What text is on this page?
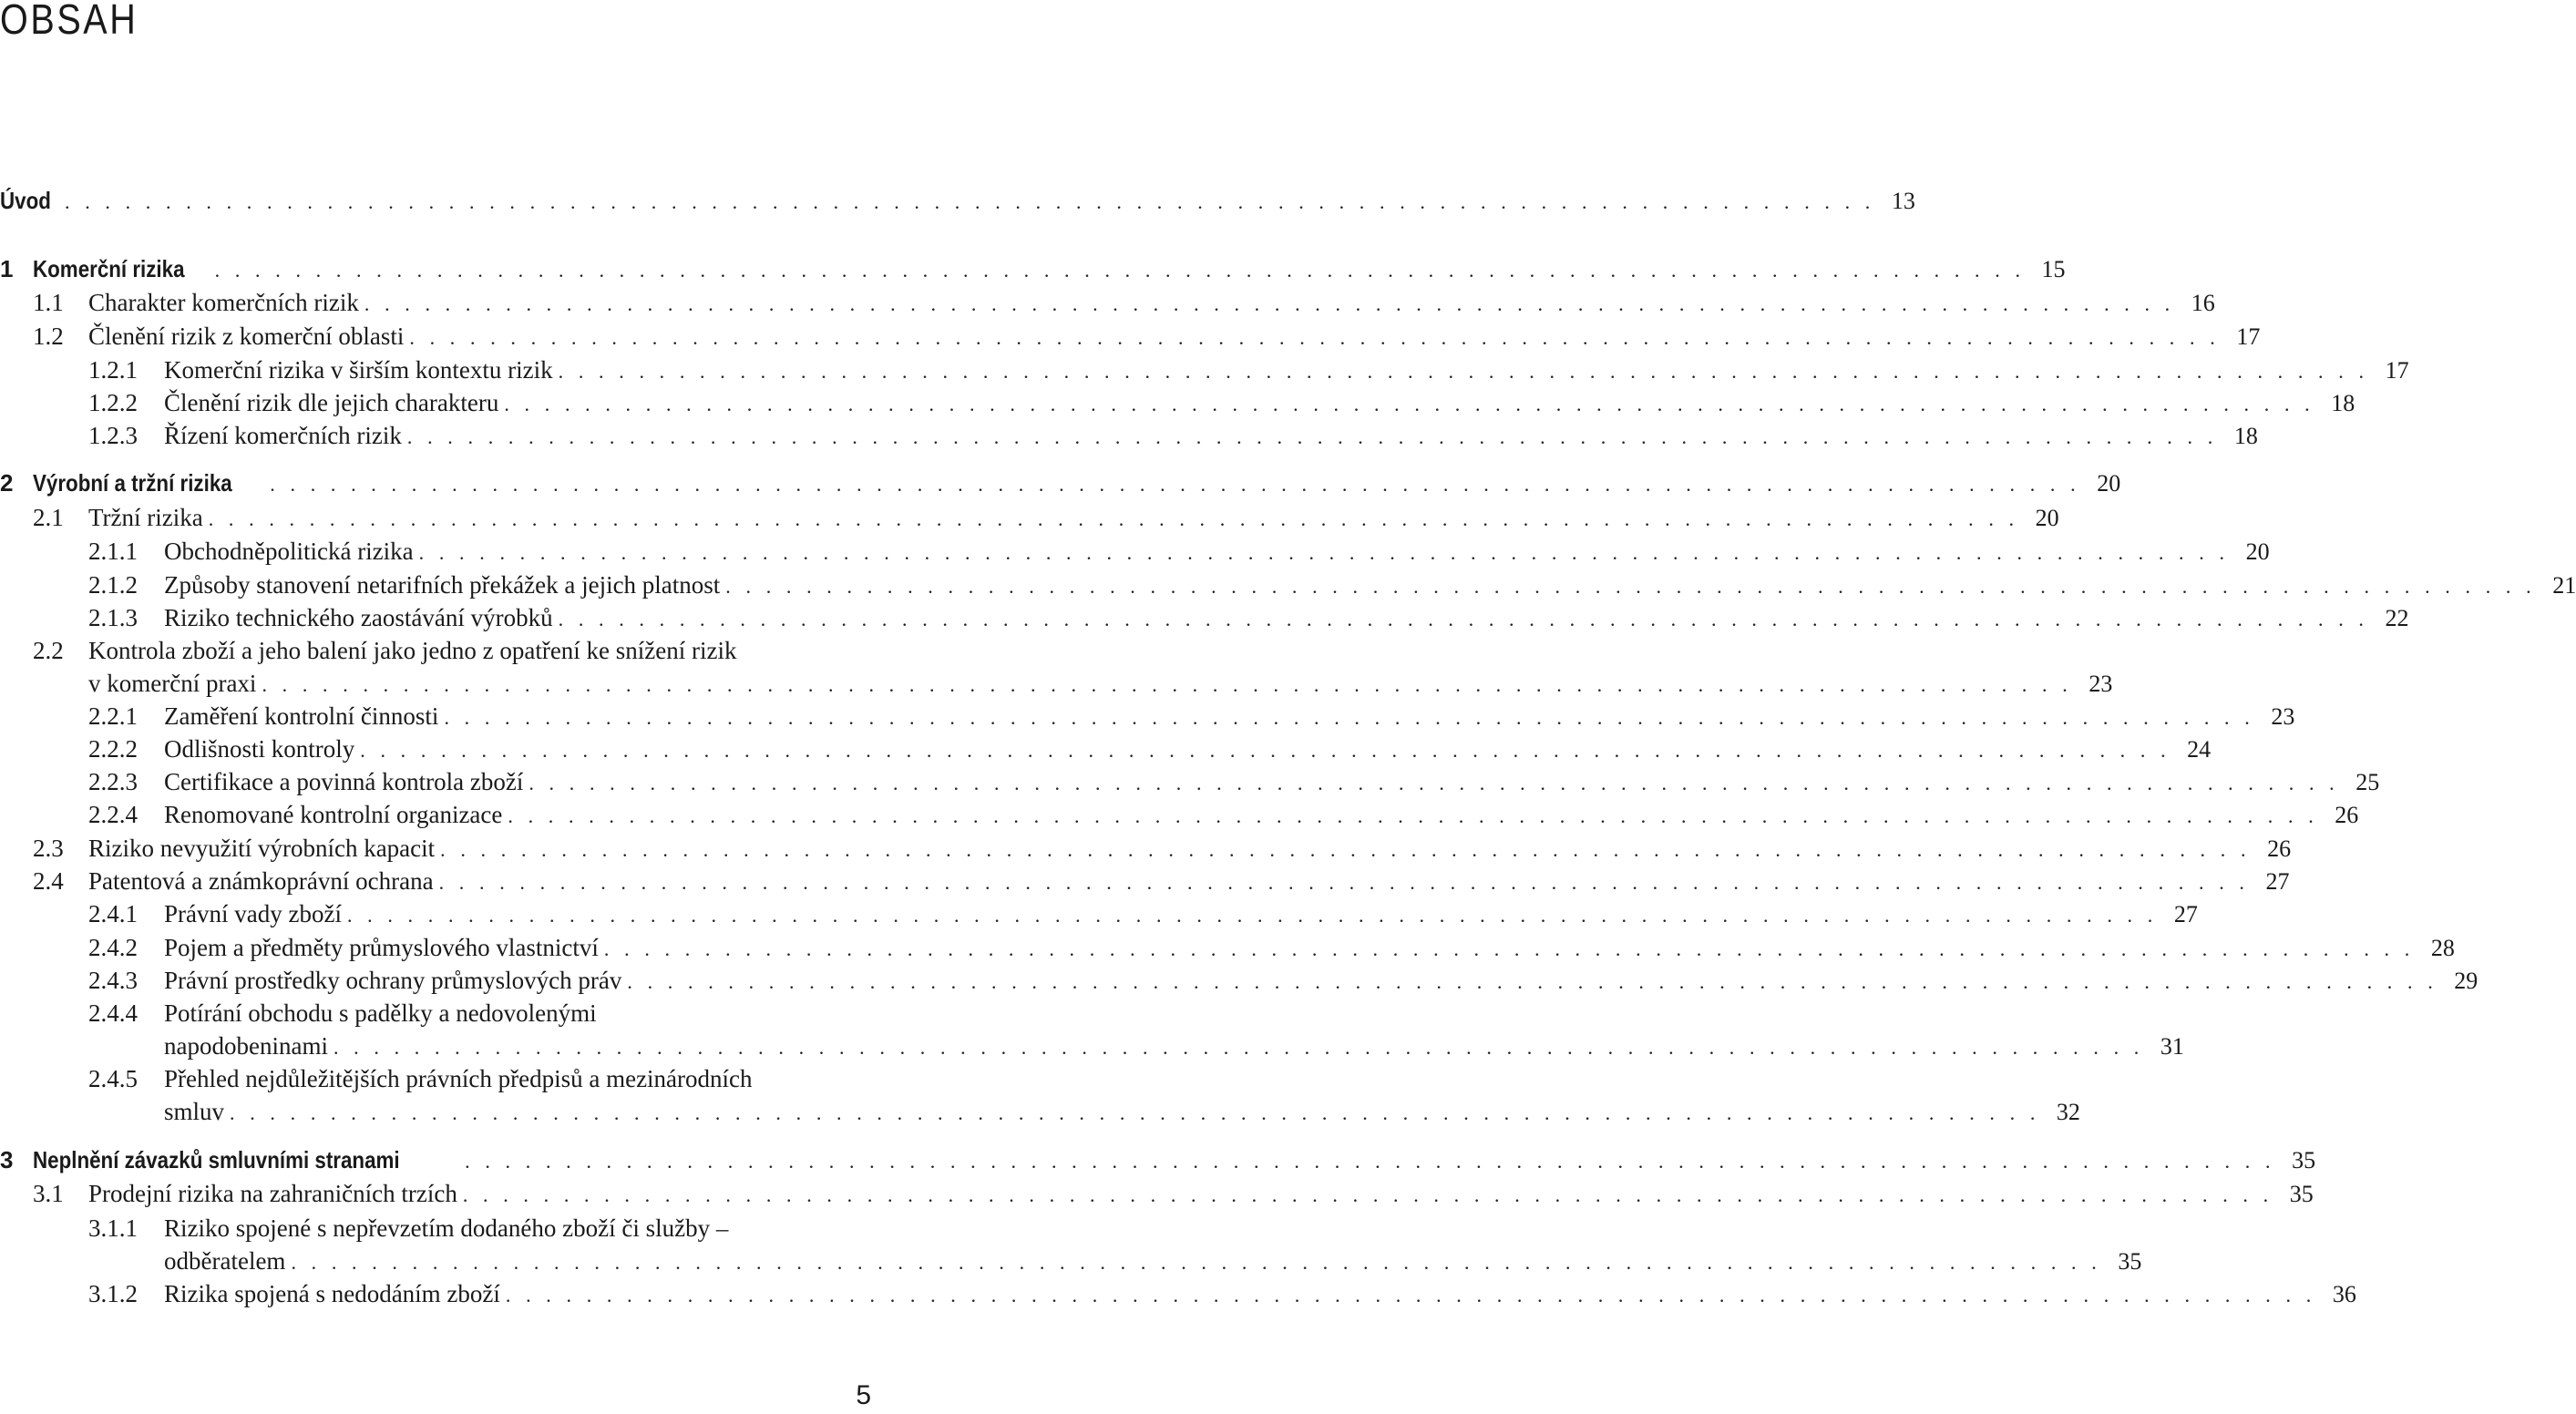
OBSAH
Úvod . . . . . . . . . . . . . . . . . . . . . . . . . . . . . . . . . . . . . . . . . . . . . . . . . . . . . . . . . . . . . . . . . . . . . . . . . . . . . . . . . . . . . . . . . . 13
1 Komerční rizika . . . . . . . . . . . . . . . . . . . . . . . . . . . . . . . . . . . . . . . . . . . . . . . . . . . . . . . . . . . . . . . . . . . . . . . . . . . . . . . . . . . . . . . . . . 15
1.1 Charakter komerčních rizik . . . . . . . . . . . . . . . . . . . . . . . . . . . . . . . . . . . . . . . . . . . . . . . . . . . . . . . . . . . . . . . . . . . . . . . . . . . . . . . . . . . . . . . . . . 16
1.2 Členění rizik z komerční oblasti . . . . . . . . . . . . . . . . . . . . . . . . . . . . . . . . . . . . . . . . . . . . . . . . . . . . . . . . . . . . . . . . . . . . . . . . . . . . . . . . . . . . . . . . . . 17
1.2.1 Komerční rizika v širším kontextu rizik . . . . . . . . . . . . . . . . . . . . . . . . . . . . . . . . . . . . . . . . . . . . . . . . . . . . . . . . . . . . . . . . . . . . . . . . . . . . . . . . . . . . . . . . . . 17
1.2.2 Členění rizik dle jejich charakteru . . . . . . . . . . . . . . . . . . . . . . . . . . . . . . . . . . . . . . . . . . . . . . . . . . . . . . . . . . . . . . . . . . . . . . . . . . . . . . . . . . . . . . . . . . 18
1.2.3 Řízení komerčních rizik . . . . . . . . . . . . . . . . . . . . . . . . . . . . . . . . . . . . . . . . . . . . . . . . . . . . . . . . . . . . . . . . . . . . . . . . . . . . . . . . . . . . . . . . . . 18
2 Výrobní a tržní rizika . . . . . . . . . . . . . . . . . . . . . . . . . . . . . . . . . . . . . . . . . . . . . . . . . . . . . . . . . . . . . . . . . . . . . . . . . . . . . . . . . . . . . . . . . . 20
2.1 Tržní rizika . . . . . . . . . . . . . . . . . . . . . . . . . . . . . . . . . . . . . . . . . . . . . . . . . . . . . . . . . . . . . . . . . . . . . . . . . . . . . . . . . . . . . . . . . . 20
2.1.1 Obchodněpolitická rizika . . . . . . . . . . . . . . . . . . . . . . . . . . . . . . . . . . . . . . . . . . . . . . . . . . . . . . . . . . . . . . . . . . . . . . . . . . . . . . . . . . . . . . . . . . 20
2.1.2 Způsoby stanovení netarifních překážek a jejich platnost . . . . . . . . . . . . . . . . . . . . . . . . . . . . . . . . . . . . . . . . . . . . . . . . . . . . . . . . . . . . . . . . . . . . . . . . . . . . . . . . . . . . . . . . . . 21
2.1.3 Riziko technického zaostávání výrobků . . . . . . . . . . . . . . . . . . . . . . . . . . . . . . . . . . . . . . . . . . . . . . . . . . . . . . . . . . . . . . . . . . . . . . . . . . . . . . . . . . . . . . . . . . 22
2.2 Kontrola zboží a jeho balení jako jedno z opatření ke snížení rizik
v komerční praxi . . . . . . . . . . . . . . . . . . . . . . . . . . . . . . . . . . . . . . . . . . . . . . . . . . . . . . . . . . . . . . . . . . . . . . . . . . . . . . . . . . . . . . . . . . 23
2.2.1 Zaměření kontrolní činnosti . . . . . . . . . . . . . . . . . . . . . . . . . . . . . . . . . . . . . . . . . . . . . . . . . . . . . . . . . . . . . . . . . . . . . . . . . . . . . . . . . . . . . . . . . . 23
2.2.2 Odlišnosti kontroly . . . . . . . . . . . . . . . . . . . . . . . . . . . . . . . . . . . . . . . . . . . . . . . . . . . . . . . . . . . . . . . . . . . . . . . . . . . . . . . . . . . . . . . . . . 24
2.2.3 Certifikace a povinná kontrola zboží . . . . . . . . . . . . . . . . . . . . . . . . . . . . . . . . . . . . . . . . . . . . . . . . . . . . . . . . . . . . . . . . . . . . . . . . . . . . . . . . . . . . . . . . . . 25
2.2.4 Renomované kontrolní organizace . . . . . . . . . . . . . . . . . . . . . . . . . . . . . . . . . . . . . . . . . . . . . . . . . . . . . . . . . . . . . . . . . . . . . . . . . . . . . . . . . . . . . . . . . . 26
2.3 Riziko nevyužití výrobních kapacit . . . . . . . . . . . . . . . . . . . . . . . . . . . . . . . . . . . . . . . . . . . . . . . . . . . . . . . . . . . . . . . . . . . . . . . . . . . . . . . . . . . . . . . . . . 26
2.4 Patentová a známkoprávní ochrana . . . . . . . . . . . . . . . . . . . . . . . . . . . . . . . . . . . . . . . . . . . . . . . . . . . . . . . . . . . . . . . . . . . . . . . . . . . . . . . . . . . . . . . . . . 27
2.4.1 Právní vady zboží . . . . . . . . . . . . . . . . . . . . . . . . . . . . . . . . . . . . . . . . . . . . . . . . . . . . . . . . . . . . . . . . . . . . . . . . . . . . . . . . . . . . . . . . . . 27
2.4.2 Pojem a předměty průmyslového vlastnictví . . . . . . . . . . . . . . . . . . . . . . . . . . . . . . . . . . . . . . . . . . . . . . . . . . . . . . . . . . . . . . . . . . . . . . . . . . . . . . . . . . . . . . . . . . 28
2.4.3 Právní prostředky ochrany průmyslových práv . . . . . . . . . . . . . . . . . . . . . . . . . . . . . . . . . . . . . . . . . . . . . . . . . . . . . . . . . . . . . . . . . . . . . . . . . . . . . . . . . . . . . . . . . . 29
2.4.4 Potírání obchodu s padělky a nedovolenými
napodobeninami . . . . . . . . . . . . . . . . . . . . . . . . . . . . . . . . . . . . . . . . . . . . . . . . . . . . . . . . . . . . . . . . . . . . . . . . . . . . . . . . . . . . . . . . . . 31
2.4.5 Přehled nejdůležitějších právních předpisů a mezinárodních
smluv . . . . . . . . . . . . . . . . . . . . . . . . . . . . . . . . . . . . . . . . . . . . . . . . . . . . . . . . . . . . . . . . . . . . . . . . . . . . . . . . . . . . . . . . . . 32
3 Neplnění závazků smluvními stranami	. . . . . . . . . . . . . . . . . . . . . . . . . . . . . . . . . . . . . . . . . . . . . . . . . . . . . . . . . . . . . . . . . . . . . . . . . . . . . . . . . . . . . . . . . . 35
3.1 Prodejní rizika na zahraničních trzích . . . . . . . . . . . . . . . . . . . . . . . . . . . . . . . . . . . . . . . . . . . . . . . . . . . . . . . . . . . . . . . . . . . . . . . . . . . . . . . . . . . . . . . . . . 35
3.1.1 Riziko spojené s nepřevzetím dodaného zboží či služby –
odběratelem . . . . . . . . . . . . . . . . . . . . . . . . . . . . . . . . . . . . . . . . . . . . . . . . . . . . . . . . . . . . . . . . . . . . . . . . . . . . . . . . . . . . . . . . . . 35
3.1.2 Rizika spojená s nedodáním zboží . . . . . . . . . . . . . . . . . . . . . . . . . . . . . . . . . . . . . . . . . . . . . . . . . . . . . . . . . . . . . . . . . . . . . . . . . . . . . . . . . . . . . . . . . . 36
5
